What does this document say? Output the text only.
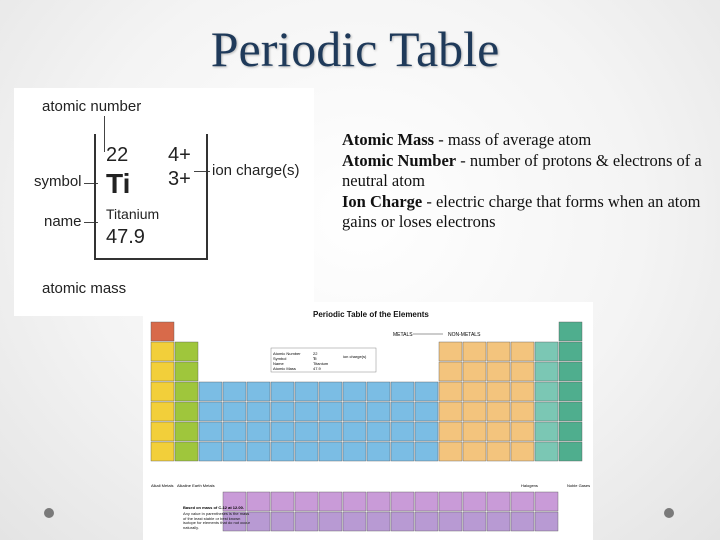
Periodic Table
atomic number
symbol
name
atomic mass
ion charge(s)
22 4+
3+
Ti
Titanium
47.9
Atomic Mass - mass of average atom
Atomic Number - number of protons & electrons of a neutral atom
Ion Charge - electric charge that forms when an atom gains or loses electrons
Periodic Table of the Elements
METALS	NON-METALS
Atomic Number
Symbol
Name
Atomic Mass
22
Ti
Titanium
47.9
ion charge(s)
Alkali Metals Alkaline Earth Metals	Halogens	Noble Gases
Based on mass of C-12 at 12.00.
Any value in parentheses is the mass of the least stable or best known isotope for elements that do not occur naturally.
